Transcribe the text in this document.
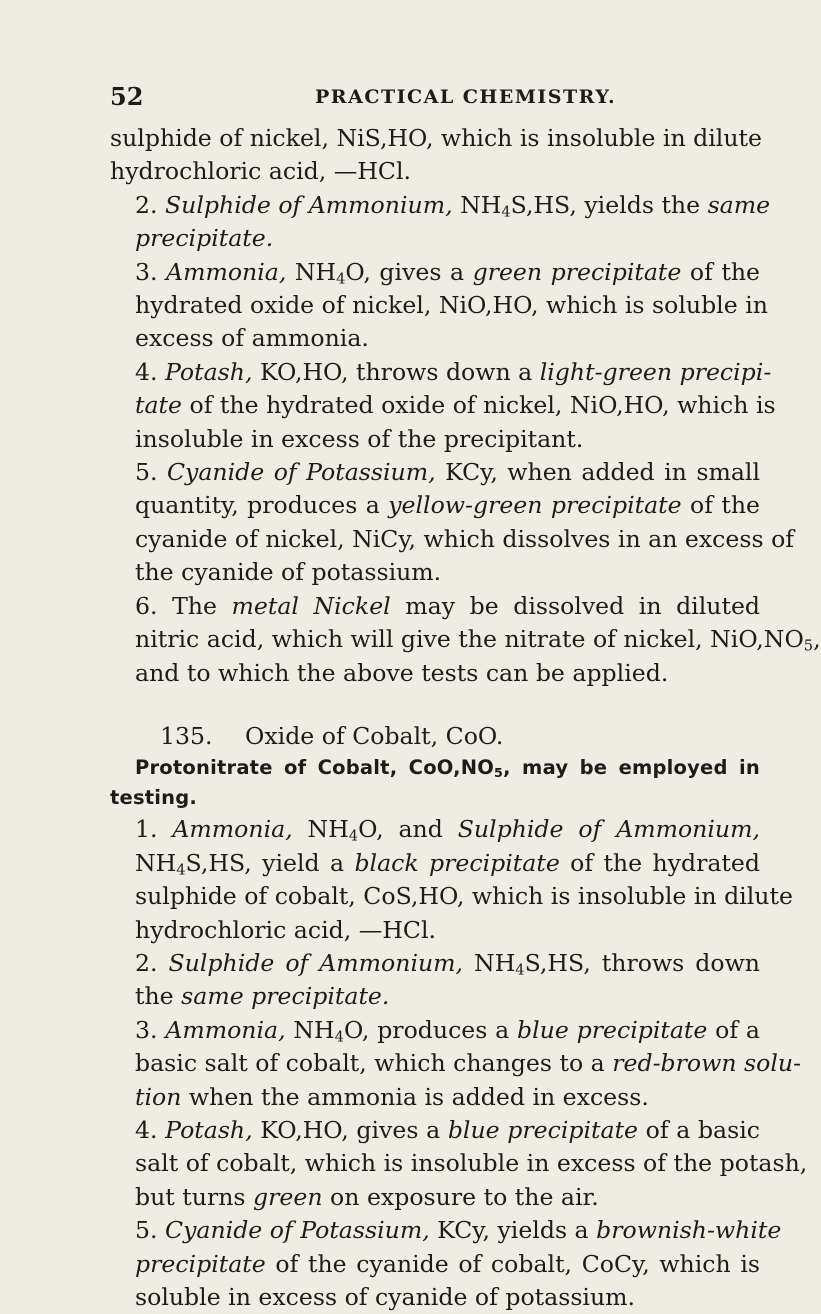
52	PRACTICAL CHEMISTRY.

sulphide of nickel, NiS,HO, which is insoluble in dilute
hydrochloric acid, —HCl.

2. Sulphide of Ammonium, $NH_4S,HS$, yields the same
precipitate.

3. Ammonia, $NH_4O$, gives a green precipitate of the
hydrated oxide of nickel, NiO,HO, which is soluble in
excess of ammonia.

4. Potash, KO,HO, throws down a light-green precipi-
tate of the hydrated oxide of nickel, NiO,HO, which is
insoluble in excess of the precipitant.

5. Cyanide of Potassium, KCy, when added in small
quantity, produces a yellow-green precipitate of the
cyanide of nickel, NiCy, which dissolves in an excess of
the cyanide of potassium.

6. The metal Nickel may be dissolved in diluted
nitric acid, which will give the nitrate of nickel, $NiO,NO_5$,
and to which the above tests can be applied.

135. Oxide of Cobalt, CoO.

Protonitrate of Cobalt, $CoO,NO_5$, may be employed in testing.

1. Ammonia, $NH_4O$, and Sulphide of Ammonium,
$NH_4S,HS$, yield a black precipitate of the hydrated
sulphide of cobalt, CoS,HO, which is insoluble in dilute
hydrochloric acid, —HCl.

2. Sulphide of Ammonium, $NH_4S,HS$, throws down
the same precipitate.

3. Ammonia, $NH_4O$, produces a blue precipitate of a
basic salt of cobalt, which changes to a red-brown solu-
tion when the ammonia is added in excess.

4. Potash, KO,HO, gives a blue precipitate of a basic
salt of cobalt, which is insoluble in excess of the potash,
but turns green on exposure to the air.

5. Cyanide of Potassium, KCy, yields a brownish-white
precipitate of the cyanide of cobalt, CoCy, which is
soluble in excess of cyanide of potassium.
